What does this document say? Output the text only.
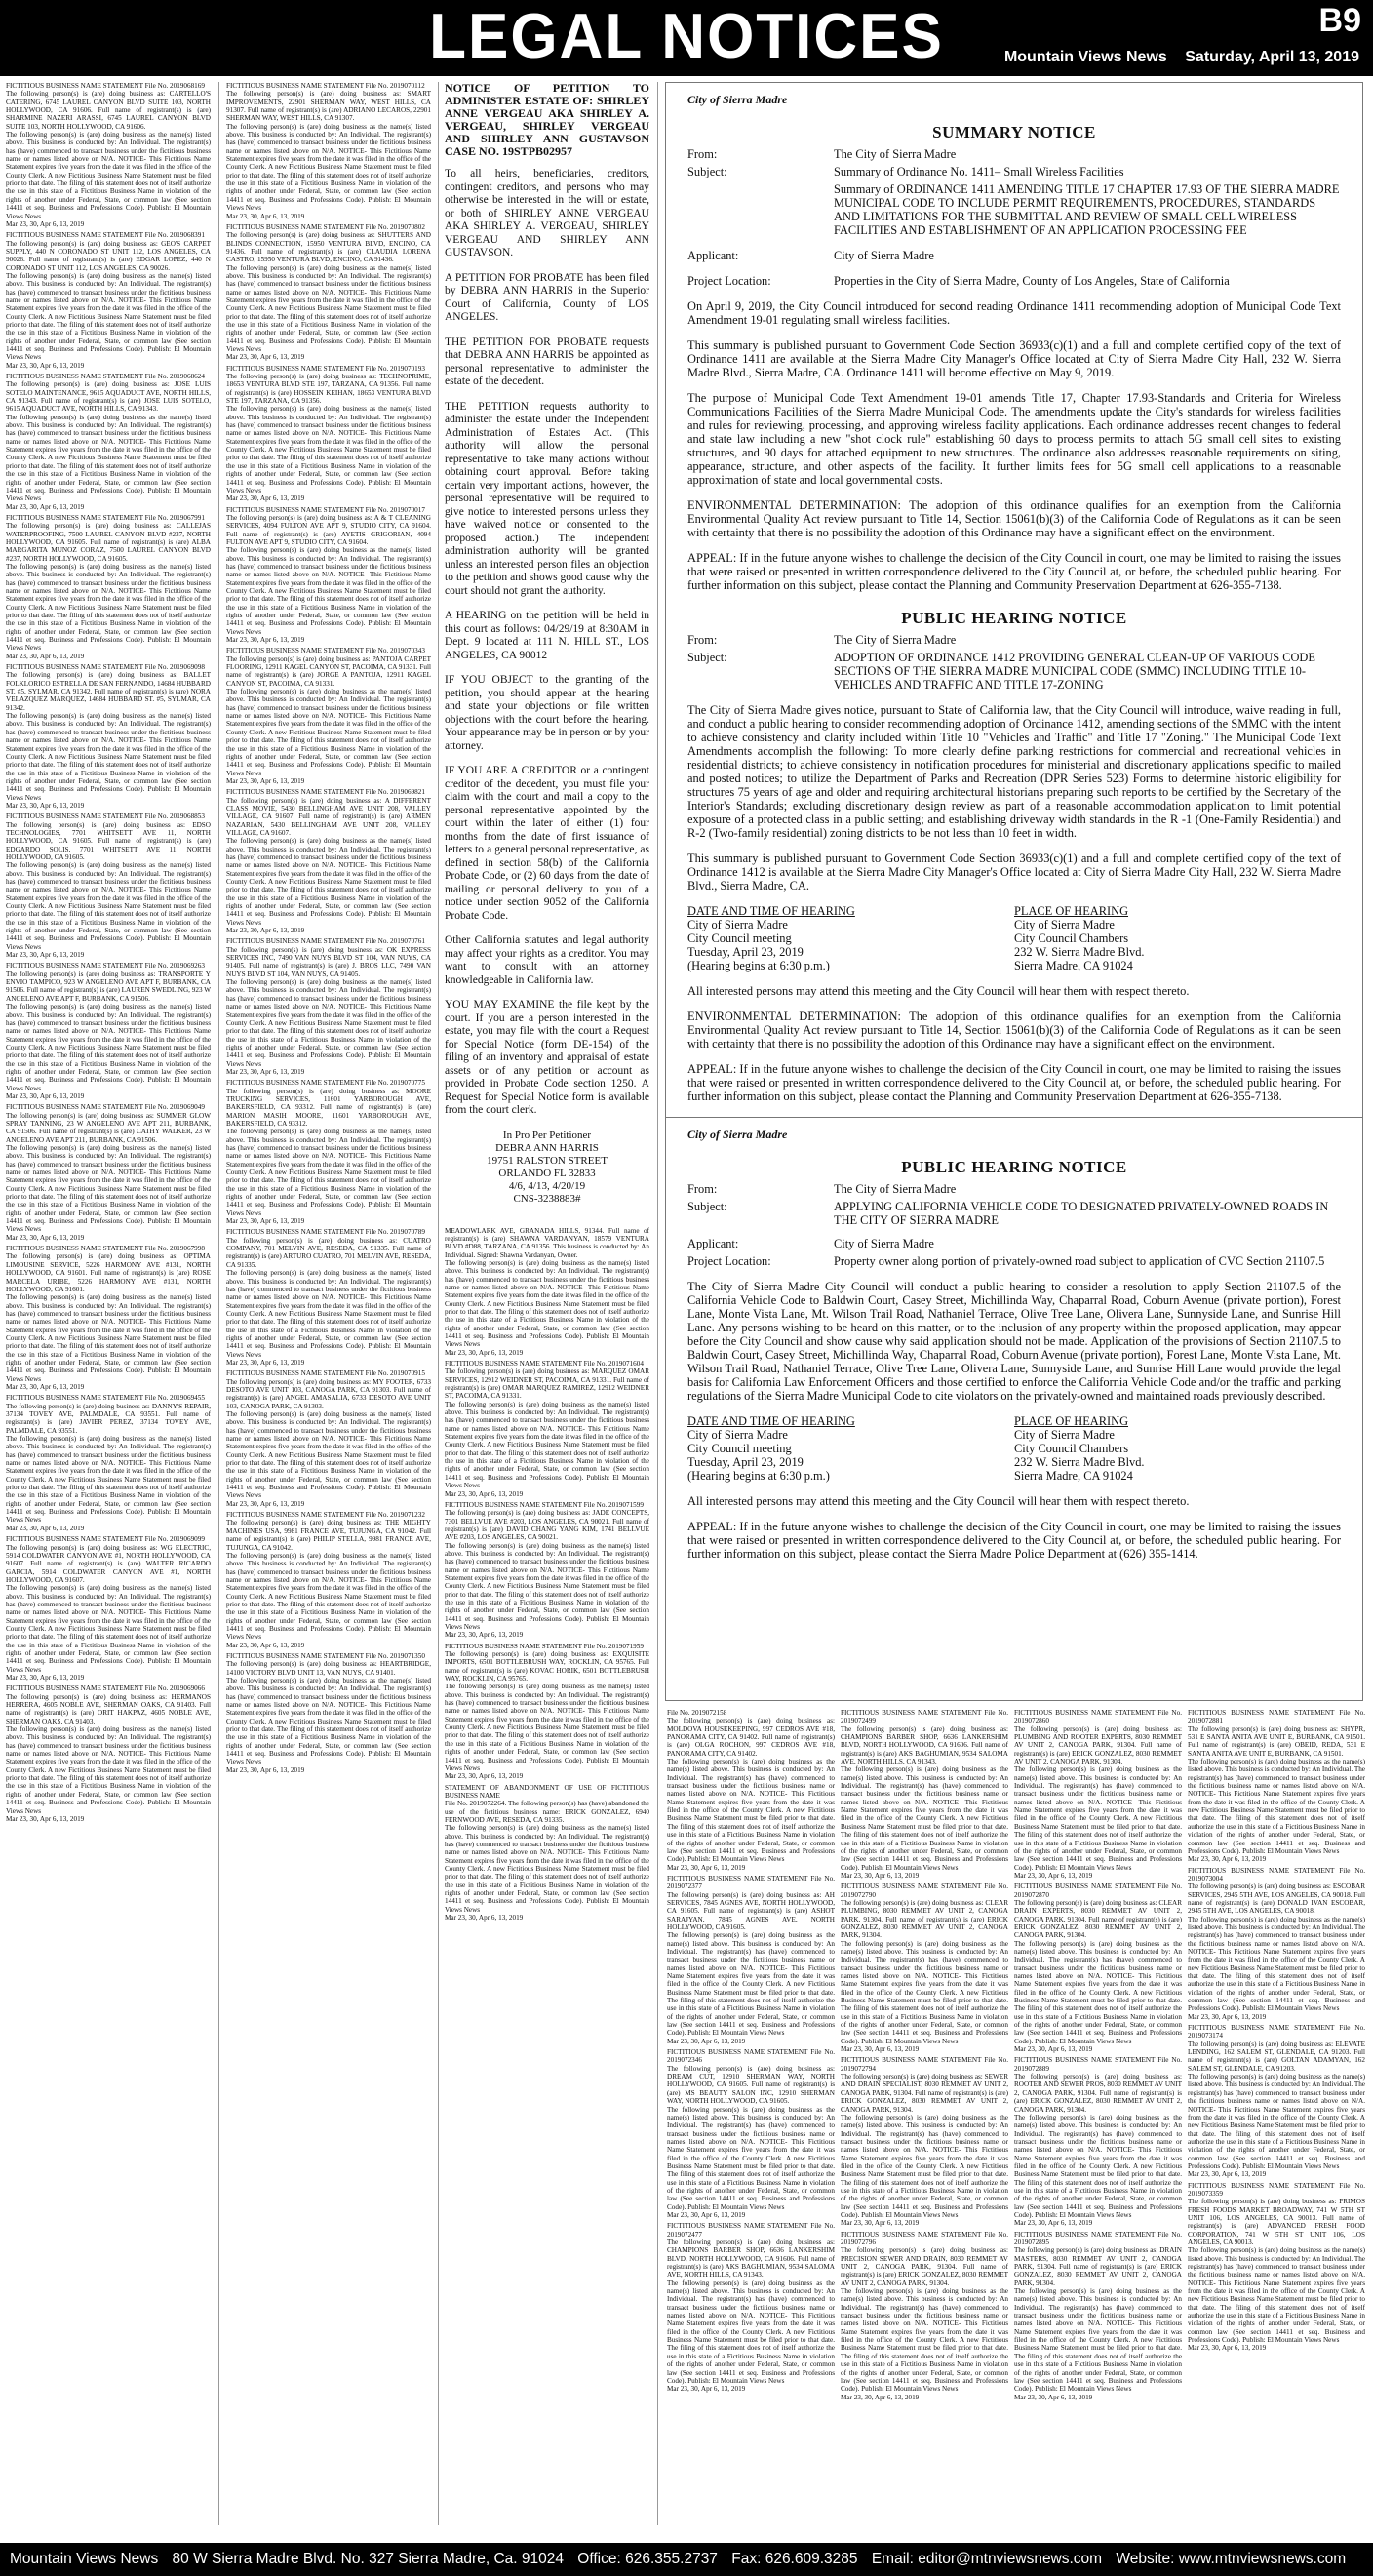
LEGAL NOTICES	B9
Mountain Views News Saturday, April 13, 2019
FICTITIOUS BUSINESS NAME STATEMENT File No. 2019068169
The following person(s) is (are) doing business as: CARTELLO'S CATERING, 6745 LAUREL CANYON BLVD SUITE 103, NORTH HOLLYWOOD, CA 91606. Full name of registrant(s) is (are) SHARMINE NAZERI ARASSI, 6745 LAUREL CANYON BLVD SUITE 103, NORTH HOLLYWOOD, CA 91606.
The following person(s) is (are) doing business as the name(s) listed above. This business is conducted by: An Individual. The registrant(s) has (have) commenced to transact business under the fictitious business name or names listed above on N/A. NOTICE- This Fictitious Name Statement expires five years from the date it was filed in the office of the County Clerk. A new Fictitious Business Name Statement must be filed prior to that date. The filing of this statement does not of itself authorize the use in this state of a Fictitious Business Name in violation of the rights of another under Federal, State, or common law (See section 14411 et seq. Business and Professions Code). Publish: El Mountain Views News
Mar 23, 30, Apr 6, 13, 2019
FICTITIOUS BUSINESS NAME STATEMENT File No. 2019068391
The following person(s) is (are) doing business as: GEO'S CARPET SUPPLY, 440 N CORONADO ST UNIT 112, LOS ANGELES, CA 90026. Full name of registrant(s) is (are) EDGAR LOPEZ, 440 N CORONADO ST UNIT 112, LOS ANGELES, CA 90026.
The following person(s) is (are) doing business as the name(s) listed above. This business is conducted by: An Individual. The registrant(s) has (have) commenced to transact business under the fictitious business name or names listed above on N/A. NOTICE- This Fictitious Name Statement expires five years from the date it was filed in the office of the County Clerk. A new Fictitious Business Name Statement must be filed prior to that date. The filing of this statement does not of itself authorize the use in this state of a Fictitious Business Name in violation of the rights of another under Federal, State, or common law (See section 14411 et seq. Business and Professions Code). Publish: El Mountain Views News
Mar 23, 30, Apr 6, 13, 2019
FICTITIOUS BUSINESS NAME STATEMENT File No. 2019068624
The following person(s) is (are) doing business as: JOSE LUIS SOTELO MAINTENANCE, 9615 AQUADUCT AVE, NORTH HILLS, CA 91343. Full name of registrant(s) is (are) JOSE LUIS SOTELO, 9615 AQUADUCT AVE, NORTH HILLS, CA 91343.
The following person(s) is (are) doing business as the name(s) listed above. This business is conducted by: An Individual. The registrant(s) has (have) commenced to transact business under the fictitious business name or names listed above on N/A. NOTICE- This Fictitious Name Statement expires five years from the date it was filed in the office of the County Clerk. A new Fictitious Business Name Statement must be filed prior to that date. The filing of this statement does not of itself authorize the use in this state of a Fictitious Business Name in violation of the rights of another under Federal, State, or common law (See section 14411 et seq. Business and Professions Code). Publish: El Mountain Views News
Mar 23, 30, Apr 6, 13, 2019
FICTITIOUS BUSINESS NAME STATEMENT File No. 2019067991
The following person(s) is (are) doing business as: CALLEJAS WATERPROOFING, 7500 LAUREL CANYON BLVD #237, NORTH HOLLYWOOD, CA 91605. Full name of registrant(s) is (are) ALBA MARGARITA MUNOZ CORAZ, 7500 LAUREL CANYON BLVD #237, NORTH HOLLYWOOD, CA 91605.
The following person(s) is (are) doing business as the name(s) listed above. This business is conducted by: An Individual. The registrant(s) has (have) commenced to transact business under the fictitious business name or names listed above on N/A. NOTICE- This Fictitious Name Statement expires five years from the date it was filed in the office of the County Clerk. A new Fictitious Business Name Statement must be filed prior to that date. The filing of this statement does not of itself authorize the use in this state of a Fictitious Business Name in violation of the rights of another under Federal, State, or common law (See section 14411 et seq. Business and Professions Code). Publish: El Mountain Views News
Mar 23, 30, Apr 6, 13, 2019
FICTITIOUS BUSINESS NAME STATEMENT File No. 2019069098
The following person(s) is (are) doing business as: BALLET FOLKLORICO ESTRELLA DE SAN FERNANDO, 14684 HUBBARD ST. #5, SYLMAR, CA 91342. Full name of registrant(s) is (are) NORA VELAZQUEZ MARQUEZ, 14684 HUBBARD ST. #5, SYLMAR, CA 91342.
The following person(s) is (are) doing business as the name(s) listed above. This business is conducted by: An Individual. The registrant(s) has (have) commenced to transact business under the fictitious business name or names listed above on N/A. NOTICE- This Fictitious Name Statement expires five years from the date it was filed in the office of the County Clerk. A new Fictitious Business Name Statement must be filed prior to that date. The filing of this statement does not of itself authorize the use in this state of a Fictitious Business Name in violation of the rights of another under Federal, State, or common law (See section 14411 et seq. Business and Professions Code). Publish: El Mountain Views News
Mar 23, 30, Apr 6, 13, 2019
FICTITIOUS BUSINESS NAME STATEMENT File No. 2019068853
The following person(s) is (are) doing business as: EDSO TECHNOLOGIES, 7701 WHITSETT AVE 11, NORTH HOLLYWOOD, CA 91605. Full name of registrant(s) is (are) EDGARDO SOLIS, 7701 WHITSETT AVE 11, NORTH HOLLYWOOD, CA 91605.
The following person(s) is (are) doing business as the name(s) listed above. This business is conducted by: An Individual. The registrant(s) has (have) commenced to transact business under the fictitious business name or names listed above on N/A. NOTICE- This Fictitious Name Statement expires five years from the date it was filed in the office of the County Clerk. A new Fictitious Business Name Statement must be filed prior to that date. The filing of this statement does not of itself authorize the use in this state of a Fictitious Business Name in violation of the rights of another under Federal, State, or common law (See section 14411 et seq. Business and Professions Code). Publish: El Mountain Views News
Mar 23, 30, Apr 6, 13, 2019
FICTITIOUS BUSINESS NAME STATEMENT File No. 2019069263
The following person(s) is (are) doing business as: TRANSPORTE Y ENVIO TAMPICO, 923 W ANGELENO AVE APT F, BURBANK, CA 91506. Full name of registrant(s) is (are) LAUREN SWEDLING, 923 W ANGELENO AVE APT F, BURBANK, CA 91506.
The following person(s) is (are) doing business as the name(s) listed above. This business is conducted by: An Individual. The registrant(s) has (have) commenced to transact business under the fictitious business name or names listed above on N/A. NOTICE- This Fictitious Name Statement expires five years from the date it was filed in the office of the County Clerk. A new Fictitious Business Name Statement must be filed prior to that date. The filing of this statement does not of itself authorize the use in this state of a Fictitious Business Name in violation of the rights of another under Federal, State, or common law (See section 14411 et seq. Business and Professions Code). Publish: El Mountain Views News
Mar 23, 30, Apr 6, 13, 2019
FICTITIOUS BUSINESS NAME STATEMENT File No. 2019069049
The following person(s) is (are) doing business as: SUMMER GLOW SPRAY TANNING, 23 W ANGELENO AVE APT 211, BURBANK, CA 91506. Full name of registrant(s) is (are) CATHY WALKER, 23 W ANGELENO AVE APT 211, BURBANK, CA 91506.
The following person(s) is (are) doing business as the name(s) listed above. This business is conducted by: An Individual. The registrant(s) has (have) commenced to transact business under the fictitious business name or names listed above on N/A. NOTICE- This Fictitious Name Statement expires five years from the date it was filed in the office of the County Clerk. A new Fictitious Business Name Statement must be filed prior to that date. The filing of this statement does not of itself authorize the use in this state of a Fictitious Business Name in violation of the rights of another under Federal, State, or common law (See section 14411 et seq. Business and Professions Code). Publish: El Mountain Views News
Mar 23, 30, Apr 6, 13, 2019
FICTITIOUS BUSINESS NAME STATEMENT File No. 2019067998
The following person(s) is (are) doing business as: OPTIMA LIMOUSINE SERVICE, 5226 HARMONY AVE #131, NORTH HOLLYWOOD, CA 91601. Full name of registrant(s) is (are) ROSE MARCELA URIBE, 5226 HARMONY AVE #131, NORTH HOLLYWOOD, CA 91601.
The following person(s) is (are) doing business as the name(s) listed above. This business is conducted by: An Individual. The registrant(s) has (have) commenced to transact business under the fictitious business name or names listed above on N/A. NOTICE- This Fictitious Name Statement expires five years from the date it was filed in the office of the County Clerk. A new Fictitious Business Name Statement must be filed prior to that date. The filing of this statement does not of itself authorize the use in this state of a Fictitious Business Name in violation of the rights of another under Federal, State, or common law (See section 14411 et seq. Business and Professions Code). Publish: El Mountain Views News
Mar 23, 30, Apr 6, 13, 2019
FICTITIOUS BUSINESS NAME STATEMENT File No. 2019069455
The following person(s) is (are) doing business as: DANNY'S REPAIR, 37134 TOVEY AVE, PALMDALE, CA 93551. Full name of registrant(s) is (are) JAVIER PEREZ, 37134 TOVEY AVE, PALMDALE, CA 93551.
The following person(s) is (are) doing business as the name(s) listed above. This business is conducted by: An Individual. The registrant(s) has (have) commenced to transact business under the fictitious business name or names listed above on N/A. NOTICE- This Fictitious Name Statement expires five years from the date it was filed in the office of the County Clerk. A new Fictitious Business Name Statement must be filed prior to that date. The filing of this statement does not of itself authorize the use in this state of a Fictitious Business Name in violation of the rights of another under Federal, State, or common law (See section 14411 et seq. Business and Professions Code). Publish: El Mountain Views News
Mar 23, 30, Apr 6, 13, 2019
FICTITIOUS BUSINESS NAME STATEMENT File No. 2019069099
The following person(s) is (are) doing business as: WG ELECTRIC, 5914 COLDWATER CANYON AVE #1, NORTH HOLLYWOOD, CA 91607. Full name of registrant(s) is (are) WALTER RICARDO GARCIA, 5914 COLDWATER CANYON AVE #1, NORTH HOLLYWOOD, CA 91607.
The following person(s) is (are) doing business as the name(s) listed above. This business is conducted by: An Individual. The registrant(s) has (have) commenced to transact business under the fictitious business name or names listed above on N/A. NOTICE- This Fictitious Name Statement expires five years from the date it was filed in the office of the County Clerk. A new Fictitious Business Name Statement must be filed prior to that date. The filing of this statement does not of itself authorize the use in this state of a Fictitious Business Name in violation of the rights of another under Federal, State, or common law (See section 14411 et seq. Business and Professions Code). Publish: El Mountain Views News
Mar 23, 30, Apr 6, 13, 2019
FICTITIOUS BUSINESS NAME STATEMENT File No. 2019069066
The following person(s) is (are) doing business as: HERMANOS HERRERA, 4605 NOBLE AVE, SHERMAN OAKS, CA 91403. Full name of registrant(s) is (are) ORIT HAKPAZ, 4605 NOBLE AVE, SHERMAN OAKS, CA 91403.
The following person(s) is (are) doing business as the name(s) listed above. This business is conducted by: An Individual. The registrant(s) has (have) commenced to transact business under the fictitious business name or names listed above on N/A. NOTICE- This Fictitious Name Statement expires five years from the date it was filed in the office of the County Clerk. A new Fictitious Business Name Statement must be filed prior to that date. The filing of this statement does not of itself authorize the use in this state of a Fictitious Business Name in violation of the rights of another under Federal, State, or common law (See section 14411 et seq. Business and Professions Code). Publish: El Mountain Views News
Mar 23, 30, Apr 6, 13, 2019
FICTITIOUS BUSINESS NAME STATEMENT File No. 2019070112
The following person(s) is (are) doing business as: SMART IMPROVEMENTS, 22901 SHERMAN WAY, WEST HILLS, CA 91307. Full name of registrant(s) is (are) ADRIANO LECAROS, 22901 SHERMAN WAY, WEST HILLS, CA 91307.
The following person(s) is (are) doing business as the name(s) listed above. This business is conducted by: An Individual. The registrant(s) has (have) commenced to transact business under the fictitious business name or names listed above on N/A. NOTICE- This Fictitious Name Statement expires five years from the date it was filed in the office of the County Clerk. A new Fictitious Business Name Statement must be filed prior to that date. The filing of this statement does not of itself authorize the use in this state of a Fictitious Business Name in violation of the rights of another under Federal, State, or common law (See section 14411 et seq. Business and Professions Code). Publish: El Mountain Views News
Mar 23, 30, Apr 6, 13, 2019
FICTITIOUS BUSINESS NAME STATEMENT File No. 2019070802
The following person(s) is (are) doing business as: SHUTTERS AND BLINDS CONNECTION, 15950 VENTURA BLVD, ENCINO, CA 91436. Full name of registrant(s) is (are) CLAUDIA LORENA CASTRO, 15950 VENTURA BLVD, ENCINO, CA 91436.
The following person(s) is (are) doing business as the name(s) listed above. This business is conducted by: An Individual. The registrant(s) has (have) commenced to transact business under the fictitious business name or names listed above on N/A. NOTICE- This Fictitious Name Statement expires five years from the date it was filed in the office of the County Clerk. A new Fictitious Business Name Statement must be filed prior to that date. The filing of this statement does not of itself authorize the use in this state of a Fictitious Business Name in violation of the rights of another under Federal, State, or common law (See section 14411 et seq. Business and Professions Code). Publish: El Mountain Views News
Mar 23, 30, Apr 6, 13, 2019
FICTITIOUS BUSINESS NAME STATEMENT File No. 2019070193
The following person(s) is (are) doing business as: TECHNOPRIME, 18653 VENTURA BLVD STE 197, TARZANA, CA 91356. Full name of registrant(s) is (are) HOSSEIN KEIHAN, 18653 VENTURA BLVD STE 197, TARZANA, CA 91356.
The following person(s) is (are) doing business as the name(s) listed above. This business is conducted by: An Individual. The registrant(s) has (have) commenced to transact business under the fictitious business name or names listed above on N/A. NOTICE- This Fictitious Name Statement expires five years from the date it was filed in the office of the County Clerk. A new Fictitious Business Name Statement must be filed prior to that date. The filing of this statement does not of itself authorize the use in this state of a Fictitious Business Name in violation of the rights of another under Federal, State, or common law (See section 14411 et seq. Business and Professions Code). Publish: El Mountain Views News
Mar 23, 30, Apr 6, 13, 2019
FICTITIOUS BUSINESS NAME STATEMENT File No. 2019070017
The following person(s) is (are) doing business as: A & T CLEANING SERVICES, 4094 FULTON AVE APT 9, STUDIO CITY, CA 91604. Full name of registrant(s) is (are) AYETIS GRIGORIAN, 4094 FULTON AVE APT 9, STUDIO CITY, CA 91604.
The following person(s) is (are) doing business as the name(s) listed above. This business is conducted by: An Individual. The registrant(s) has (have) commenced to transact business under the fictitious business name or names listed above on N/A. NOTICE- This Fictitious Name Statement expires five years from the date it was filed in the office of the County Clerk. A new Fictitious Business Name Statement must be filed prior to that date. The filing of this statement does not of itself authorize the use in this state of a Fictitious Business Name in violation of the rights of another under Federal, State, or common law (See section 14411 et seq. Business and Professions Code). Publish: El Mountain Views News
Mar 23, 30, Apr 6, 13, 2019
FICTITIOUS BUSINESS NAME STATEMENT File No. 2019070343
The following person(s) is (are) doing business as: PANTOJA CARPET FLOORING, 12911 KAGEL CANYON ST, PACOIMA, CA 91331. Full name of registrant(s) is (are) JORGE A PANTOJA, 12911 KAGEL CANYON ST, PACOIMA, CA 91331.
The following person(s) is (are) doing business as the name(s) listed above. This business is conducted by: An Individual. The registrant(s) has (have) commenced to transact business under the fictitious business name or names listed above on N/A. NOTICE- This Fictitious Name Statement expires five years from the date it was filed in the office of the County Clerk. A new Fictitious Business Name Statement must be filed prior to that date. The filing of this statement does not of itself authorize the use in this state of a Fictitious Business Name in violation of the rights of another under Federal, State, or common law (See section 14411 et seq. Business and Professions Code). Publish: El Mountain Views News
Mar 23, 30, Apr 6, 13, 2019
FICTITIOUS BUSINESS NAME STATEMENT File No. 2019069821
The following person(s) is (are) doing business as: A DIFFERENT CLASS MOVIE, 5430 BELLINGHAM AVE UNIT 208, VALLEY VILLAGE, CA 91607. Full name of registrant(s) is (are) ARMEN NAZARIAN, 5430 BELLINGHAM AVE UNIT 208, VALLEY VILLAGE, CA 91607.
The following person(s) is (are) doing business as the name(s) listed above. This business is conducted by: An Individual. The registrant(s) has (have) commenced to transact business under the fictitious business name or names listed above on N/A. NOTICE- This Fictitious Name Statement expires five years from the date it was filed in the office of the County Clerk. A new Fictitious Business Name Statement must be filed prior to that date. The filing of this statement does not of itself authorize the use in this state of a Fictitious Business Name in violation of the rights of another under Federal, State, or common law (See section 14411 et seq. Business and Professions Code). Publish: El Mountain Views News
Mar 23, 30, Apr 6, 13, 2019
FICTITIOUS BUSINESS NAME STATEMENT File No. 2019070761
The following person(s) is (are) doing business as: OK EXPRESS SERVICES INC, 7490 VAN NUYS BLVD ST 104, VAN NUYS, CA 91405. Full name of registrant(s) is (are) J. BROS LLC, 7490 VAN NUYS BLVD ST 104, VAN NUYS, CA 91405.
The following person(s) is (are) doing business as the name(s) listed above. This business is conducted by: An Individual. The registrant(s) has (have) commenced to transact business under the fictitious business name or names listed above on N/A. NOTICE- This Fictitious Name Statement expires five years from the date it was filed in the office of the County Clerk. A new Fictitious Business Name Statement must be filed prior to that date. The filing of this statement does not of itself authorize the use in this state of a Fictitious Business Name in violation of the rights of another under Federal, State, or common law (See section 14411 et seq. Business and Professions Code). Publish: El Mountain Views News
Mar 23, 30, Apr 6, 13, 2019
FICTITIOUS BUSINESS NAME STATEMENT File No. 2019070775
The following person(s) is (are) doing business as: MOORE TRUCKING SERVICES, 11601 YARBOROUGH AVE, BAKERSFIELD, CA 93312. Full name of registrant(s) is (are) MARION MASIH MOORE, 11601 YARBOROUGH AVE, BAKERSFIELD, CA 93312.
The following person(s) is (are) doing business as the name(s) listed above. This business is conducted by: An Individual. The registrant(s) has (have) commenced to transact business under the fictitious business name or names listed above on N/A. NOTICE- This Fictitious Name Statement expires five years from the date it was filed in the office of the County Clerk. A new Fictitious Business Name Statement must be filed prior to that date. The filing of this statement does not of itself authorize the use in this state of a Fictitious Business Name in violation of the rights of another under Federal, State, or common law (See section 14411 et seq. Business and Professions Code). Publish: El Mountain Views News
Mar 23, 30, Apr 6, 13, 2019
FICTITIOUS BUSINESS NAME STATEMENT File No. 2019070789
The following person(s) is (are) doing business as: CUATRO COMPANY, 701 MELVIN AVE, RESEDA, CA 91335. Full name of registrant(s) is (are) ARTURO CUATRO, 701 MELVIN AVE, RESEDA, CA 91335.
The following person(s) is (are) doing business as the name(s) listed above. This business is conducted by: An Individual. The registrant(s) has (have) commenced to transact business under the fictitious business name or names listed above on N/A. NOTICE- This Fictitious Name Statement expires five years from the date it was filed in the office of the County Clerk. A new Fictitious Business Name Statement must be filed prior to that date. The filing of this statement does not of itself authorize the use in this state of a Fictitious Business Name in violation of the rights of another under Federal, State, or common law (See section 14411 et seq. Business and Professions Code). Publish: El Mountain Views News
Mar 23, 30, Apr 6, 13, 2019
FICTITIOUS BUSINESS NAME STATEMENT File No. 2019070915
The following person(s) is (are) doing business as: MY FOOTER, 6733 DESOTO AVE UNIT 103, CANOGA PARK, CA 91303. Full name of registrant(s) is (are) ANGEL AMASALIA, 6733 DESOTO AVE UNIT 103, CANOGA PARK, CA 91303.
The following person(s) is (are) doing business as the name(s) listed above. This business is conducted by: An Individual. The registrant(s) has (have) commenced to transact business under the fictitious business name or names listed above on N/A. NOTICE- This Fictitious Name Statement expires five years from the date it was filed in the office of the County Clerk. A new Fictitious Business Name Statement must be filed prior to that date. The filing of this statement does not of itself authorize the use in this state of a Fictitious Business Name in violation of the rights of another under Federal, State, or common law (See section 14411 et seq. Business and Professions Code). Publish: El Mountain Views News
Mar 23, 30, Apr 6, 13, 2019
FICTITIOUS BUSINESS NAME STATEMENT File No. 2019071232
The following person(s) is (are) doing business as: THE MIGHTY MACHINES USA, 9981 FRANCE AVE, TUJUNGA, CA 91042. Full name of registrant(s) is (are) PHILIP STELLA, 9981 FRANCE AVE, TUJUNGA, CA 91042.
The following person(s) is (are) doing business as the name(s) listed above. This business is conducted by: An Individual. The registrant(s) has (have) commenced to transact business under the fictitious business name or names listed above on N/A. NOTICE- This Fictitious Name Statement expires five years from the date it was filed in the office of the County Clerk. A new Fictitious Business Name Statement must be filed prior to that date. The filing of this statement does not of itself authorize the use in this state of a Fictitious Business Name in violation of the rights of another under Federal, State, or common law (See section 14411 et seq. Business and Professions Code). Publish: El Mountain Views News
Mar 23, 30, Apr 6, 13, 2019
FICTITIOUS BUSINESS NAME STATEMENT File No. 2019071350
The following person(s) is (are) doing business as: HEARTBRIDGE, 14100 VICTORY BLVD UNIT 13, VAN NUYS, CA 91401.
The following person(s) is (are) doing business as the name(s) listed above. This business is conducted by: An Individual. The registrant(s) has (have) commenced to transact business under the fictitious business name or names listed above on N/A. NOTICE- This Fictitious Name Statement expires five years from the date it was filed in the office of the County Clerk. A new Fictitious Business Name Statement must be filed prior to that date. The filing of this statement does not of itself authorize the use in this state of a Fictitious Business Name in violation of the rights of another under Federal, State, or common law (See section 14411 et seq. Business and Professions Code). Publish: El Mountain Views News
Mar 23, 30, Apr 6, 13, 2019
NOTICE OF PETITION TO ADMINISTER ESTATE OF: SHIRLEY ANNE VERGEAU AKA SHIRLEY A. VERGEAU, SHIRLEY VERGEAU AND SHIRLEY ANN GUSTAVSON CASE NO. 19STPB02957

To all heirs, beneficiaries, creditors, contingent creditors, and persons who may otherwise be interested in the will or estate, or both of SHIRLEY ANNE VERGEAU AKA SHIRLEY A. VERGEAU, SHIRLEY VERGEAU AND SHIRLEY ANN GUSTAVSON.

A PETITION FOR PROBATE has been filed by DEBRA ANN HARRIS in the Superior Court of California, County of LOS ANGELES.

THE PETITION FOR PROBATE requests that DEBRA ANN HARRIS be appointed as personal representative to administer the estate of the decedent.

THE PETITION requests authority to administer the estate under the Independent Administration of Estates Act. (This authority will allow the personal representative to take many actions without obtaining court approval. Before taking certain very important actions, however, the personal representative will be required to give notice to interested persons unless they have waived notice or consented to the proposed action.) The independent administration authority will be granted unless an interested person files an objection to the petition and shows good cause why the court should not grant the authority.

A HEARING on the petition will be held in this court as follows: 04/29/19 at 8:30AM in Dept. 9 located at 111 N. HILL ST., LOS ANGELES, CA 90012

IF YOU OBJECT to the granting of the petition, you should appear at the hearing and state your objections or file written objections with the court before the hearing. Your appearance may be in person or by your attorney.

IF YOU ARE A CREDITOR or a contingent creditor of the decedent, you must file your claim with the court and mail a copy to the personal representative appointed by the court within the later of either (1) four months from the date of first issuance of letters to a general personal representative, as defined in section 58(b) of the California Probate Code, or (2) 60 days from the date of mailing or personal delivery to you of a notice under section 9052 of the California Probate Code.

Other California statutes and legal authority may affect your rights as a creditor. You may want to consult with an attorney knowledgeable in California law.

YOU MAY EXAMINE the file kept by the court. If you are a person interested in the estate, you may file with the court a Request for Special Notice (form DE-154) of the filing of an inventory and appraisal of estate assets or of any petition or account as provided in Probate Code section 1250. A Request for Special Notice form is available from the court clerk.

In Pro Per Petitioner
DEBRA ANN HARRIS
19751 RALSTON STREET
ORLANDO FL 32833
4/6, 4/13, 4/20/19
CNS-3238883#
MEADOWLARK AVE, GRANADA HILLS, 91344. Full name of registrant(s) is (are) SHAWNA VARDANYAN, 18579 VENTURA BLVD #D88, TARZANA, CA 91356. This business is conducted by: An Individual. Signed: Shawna Vardanyan, Owner.
The following person(s) is (are) doing business as the name(s) listed above. This business is conducted by: An Individual. The registrant(s) has (have) commenced to transact business under the fictitious business name or names listed above on N/A. NOTICE- This Fictitious Name Statement expires five years from the date it was filed in the office of the County Clerk. A new Fictitious Business Name Statement must be filed prior to that date. The filing of this statement does not of itself authorize the use in this state of a Fictitious Business Name in violation of the rights of another under Federal, State, or common law (See section 14411 et seq. Business and Professions Code). Publish: El Mountain Views News
Mar 23, 30, Apr 6, 13, 2019
FICTITIOUS BUSINESS NAME STATEMENT File No. 2019071604
The following person(s) is (are) doing business as: MARQUEZ OMAR SERVICES, 12912 WEIDNER ST, PACOIMA, CA 91331. Full name of registrant(s) is (are) OMAR MARQUEZ RAMIREZ, 12912 WEIDNER ST, PACOIMA, CA 91331.
The following person(s) is (are) doing business as the name(s) listed above. This business is conducted by: An Individual. The registrant(s) has (have) commenced to transact business under the fictitious business name or names listed above on N/A. NOTICE- This Fictitious Name Statement expires five years from the date it was filed in the office of the County Clerk. A new Fictitious Business Name Statement must be filed prior to that date. The filing of this statement does not of itself authorize the use in this state of a Fictitious Business Name in violation of the rights of another under Federal, State, or common law (See section 14411 et seq. Business and Professions Code). Publish: El Mountain Views News
Mar 23, 30, Apr 6, 13, 2019
FICTITIOUS BUSINESS NAME STATEMENT File No. 2019071599
The following person(s) is (are) doing business as: JADE CONCEPTS, 7301 BELLVUE AVE #203, LOS ANGELES, CA 90021. Full name of registrant(s) is (are) DAVID CHANG YANG KIM, 1741 BELLVUE AVE #203, LOS ANGELES, CA 90021.
The following person(s) is (are) doing business as the name(s) listed above. This business is conducted by: An Individual. The registrant(s) has (have) commenced to transact business under the fictitious business name or names listed above on N/A. NOTICE- This Fictitious Name Statement expires five years from the date it was filed in the office of the County Clerk. A new Fictitious Business Name Statement must be filed prior to that date. The filing of this statement does not of itself authorize the use in this state of a Fictitious Business Name in violation of the rights of another under Federal, State, or common law (See section 14411 et seq. Business and Professions Code). Publish: El Mountain Views News
Mar 23, 30, Apr 6, 13, 2019
FICTITIOUS BUSINESS NAME STATEMENT File No. 2019071959
The following person(s) is (are) doing business as: EXQUISITE IMPORTS, 6501 BOTTLEBRUSH WAY, ROCKLIN, CA 95765. Full name of registrant(s) is (are) KOVAC HORIK, 6501 BOTTLEBRUSH WAY, ROCKLIN, CA 95765.
The following person(s) is (are) doing business as the name(s) listed above. This business is conducted by: An Individual. The registrant(s) has (have) commenced to transact business under the fictitious business name or names listed above on N/A. NOTICE- This Fictitious Name Statement expires five years from the date it was filed in the office of the County Clerk. A new Fictitious Business Name Statement must be filed prior to that date. The filing of this statement does not of itself authorize the use in this state of a Fictitious Business Name in violation of the rights of another under Federal, State, or common law (See section 14411 et seq. Business and Professions Code). Publish: El Mountain Views News
Mar 23, 30, Apr 6, 13, 2019
STATEMENT OF ABANDONMENT OF USE OF FICTITIOUS BUSINESS NAME
File No. 2019072264. The following person(s) has (have) abandoned the use of the fictitious business name: ERICK GONZALEZ, 6940 FERNWOOD AVE, RESEDA, CA 91335.
The following person(s) is (are) doing business as the name(s) listed above. This business is conducted by: An Individual. The registrant(s) has (have) commenced to transact business under the fictitious business name or names listed above on N/A. NOTICE- This Fictitious Name Statement expires five years from the date it was filed in the office of the County Clerk. A new Fictitious Business Name Statement must be filed prior to that date. The filing of this statement does not of itself authorize the use in this state of a Fictitious Business Name in violation of the rights of another under Federal, State, or common law (See section 14411 et seq. Business and Professions Code). Publish: El Mountain Views News
Mar 23, 30, Apr 6, 13, 2019
City of Sierra Madre
SUMMARY NOTICE
From:	The City of Sierra Madre
Subject:	Summary of Ordinance No. 1411– Small Wireless Facilities
Summary of ORDINANCE 1411 AMENDING TITLE 17 CHAPTER 17.93 OF THE SIERRA MADRE MUNICIPAL CODE TO INCLUDE PERMIT REQUIREMENTS, PROCEDURES, STANDARDS AND LIMITATIONS FOR THE SUBMITTAL AND REVIEW OF SMALL CELL WIRELESS FACILITIES AND ESTABLISHMENT OF AN APPLICATION PROCESSING FEE
Applicant:	City of Sierra Madre
Project Location:	Properties in the City of Sierra Madre, County of Los Angeles, State of California

On April 9, 2019, the City Council introduced for second reading Ordinance 1411 recommending adoption of Municipal Code Text Amendment 19-01 regulating small wireless facilities.

This summary is published pursuant to Government Code Section 36933(c)(1) and a full and complete certified copy of the text of Ordinance 1411 are available at the Sierra Madre City Manager's Office located at City of Sierra Madre City Hall, 232 W. Sierra Madre Blvd., Sierra Madre, CA. Ordinance 1411 will become effective on May 9, 2019.

The purpose of Municipal Code Text Amendment 19-01 amends Title 17, Chapter 17.93-Standards and Criteria for Wireless Communications Facilities of the Sierra Madre Municipal Code. The amendments update the City's standards for wireless facilities and rules for reviewing, processing, and approving wireless facility applications. Each ordinance addresses recent changes to federal and state law including a new "shot clock rule" establishing 60 days to process permits to attach 5G small cell sites to existing structures, and 90 days for attached equipment to new structures. The ordinance also addresses reasonable requirements on siting, appearance, structure, and other aspects of the facility. It further limits fees for 5G small cell applications to a reasonable approximation of state and local governmental costs.

ENVIRONMENTAL DETERMINATION: The adoption of this ordinance qualifies for an exemption from the California Environmental Quality Act review pursuant to Title 14, Section 15061(b)(3) of the California Code of Regulations as it can be seen with certainty that there is no possibility the adoption of this Ordinance may have a significant effect on the environment.

APPEAL: If in the future anyone wishes to challenge the decision of the City Council in court, one may be limited to raising the issues that were raised or presented in written correspondence delivered to the City Council at, or before, the scheduled public hearing. For further information on this subject, please contact the Planning and Community Preservation Department at 626-355-7138.

PUBLIC HEARING NOTICE
From:	The City of Sierra Madre
Subject:	ADOPTION OF ORDINANCE 1412 PROVIDING GENERAL CLEAN-UP OF VARIOUS CODE SECTIONS OF THE SIERRA MADRE MUNICIPAL CODE (SMMC) INCLUDING TITLE 10-VEHICLES AND TRAFFIC AND TITLE 17-ZONING

The City of Sierra Madre gives notice, pursuant to State of California law, that the City Council will introduce, waive reading in full, and conduct a public hearing to consider recommending adoption of Ordinance 1412, amending sections of the SMMC with the intent to achieve consistency and clarity included within Title 10 "Vehicles and Traffic" and Title 17 "Zoning." The Municipal Code Text Amendments accomplish the following: To more clearly define parking restrictions for commercial and recreational vehicles in residential districts; to achieve consistency in notification procedures for ministerial and discretionary applications specific to mailed and posted notices; to utilize the Department of Parks and Recreation (DPR Series 523) Forms to determine historic eligibility for structures 75 years of age and older and requiring architectural historians preparing such reports to be certified by the Secretary of the Interior's Standards; excluding discretionary design review as part of a reasonable accommodation application to limit potential exposure of a protected class in a public setting; and establishing driveway width standards in the R -1 (One-Family Residential) and R-2 (Two-family residential) zoning districts to be not less than 10 feet in width.

This summary is published pursuant to Government Code Section 36933(c)(1) and a full and complete certified copy of the text of Ordinance 1412 is available at the Sierra Madre City Manager's Office located at City of Sierra Madre City Hall, 232 W. Sierra Madre Blvd., Sierra Madre, CA.

DATE AND TIME OF HEARING
City of Sierra Madre
City Council meeting
Tuesday, April 23, 2019
(Hearing begins at 6:30 p.m.)
PLACE OF HEARING
City of Sierra Madre
City Council Chambers
232 W. Sierra Madre Blvd.
Sierra Madre, CA 91024

All interested persons may attend this meeting and the City Council will hear them with respect thereto.

ENVIRONMENTAL DETERMINATION: The adoption of this ordinance qualifies for an exemption from the California Environmental Quality Act review pursuant to Title 14, Section 15061(b)(3) of the California Code of Regulations as it can be seen with certainty that there is no possibility the adoption of this Ordinance may have a significant effect on the environment.

APPEAL: If in the future anyone wishes to challenge the decision of the City Council in court, one may be limited to raising the issues that were raised or presented in written correspondence delivered to the City Council at, or before, the scheduled public hearing. For further information on this subject, please contact the Planning and Community Preservation Department at 626-355-7138.

City of Sierra Madre
PUBLIC HEARING NOTICE
From:	The City of Sierra Madre
Subject:	APPLYING CALIFORNIA VEHICLE CODE TO DESIGNATED PRIVATELY-OWNED ROADS IN THE CITY OF SIERRA MADRE
Applicant:	City of Sierra Madre
Project Location:	Property owner along portion of privately-owned road subject to application of CVC Section 21107.5

The City of Sierra Madre City Council will conduct a public hearing to consider a resolution to apply Section 21107.5 of the California Vehicle Code to Baldwin Court, Casey Street, Michillinda Way, Chaparral Road, Coburn Avenue (private portion), Forest Lane, Monte Vista Lane, Mt. Wilson Trail Road, Nathaniel Terrace, Olive Tree Lane, Olivera Lane, Sunnyside Lane, and Sunrise Hill Lane. Any persons wishing to be heard on this matter, or to the inclusion of any property within the proposed application, may appear before the City Council and show cause why said application should not be made. Application of the provisions of Section 21107.5 to Baldwin Court, Casey Street, Michillinda Way, Chaparral Road, Coburn Avenue (private portion), Forest Lane, Monte Vista Lane, Mt. Wilson Trail Road, Nathaniel Terrace, Olive Tree Lane, Olivera Lane, Sunnyside Lane, and Sunrise Hill Lane would provide the legal basis for California Law Enforcement Officers and those certified to enforce the California Vehicle Code and/or the traffic and parking regulations of the Sierra Madre Municipal Code to cite violators on the privately-owned and maintained roads previously described.

DATE AND TIME OF HEARING
City of Sierra Madre
City Council meeting
Tuesday, April 23, 2019
(Hearing begins at 6:30 p.m.)
PLACE OF HEARING
City of Sierra Madre
City Council Chambers
232 W. Sierra Madre Blvd.
Sierra Madre, CA 91024

All interested persons may attend this meeting and the City Council will hear them with respect thereto.

APPEAL: If in the future anyone wishes to challenge the decision of the City Council in court, one may be limited to raising the issues that were raised or presented in written correspondence delivered to the City Council at, or before, the scheduled public hearing. For further information on this subject, please contact the Sierra Madre Police Department at (626) 355-1414.

File No. 2019072158
The following person(s) is (are) doing business as: MOLDOVA HOUSEKEEPING, 997 CEDROS AVE #18, PANORAMA CITY, CA 91402. Full name of registrant(s) is (are) OLGA ROCHON, 997 CEDROS AVE #18, PANORAMA CITY, CA 91402.
The following person(s) is (are) doing business as the name(s) listed above. This business is conducted by: An Individual. The registrant(s) has (have) commenced to transact business under the fictitious business name or names listed above on N/A. NOTICE- This Fictitious Name Statement expires five years from the date it was filed in the office of the County Clerk. A new Fictitious Business Name Statement must be filed prior to that date. The filing of this statement does not of itself authorize the use in this state of a Fictitious Business Name in violation of the rights of another under Federal, State, or common law (See section 14411 et seq. Business and Professions Code). Publish: El Mountain Views News
Mar 23, 30, Apr 6, 13, 2019
FICTITIOUS BUSINESS NAME STATEMENT File No. 2019072377
The following person(s) is (are) doing business as: AH SERVICES, 7845 AGNES AVE, NORTH HOLLYWOOD, CA 91605. Full name of registrant(s) is (are) ASHOT SARAJYAN, 7845 AGNES AVE, NORTH HOLLYWOOD, CA 91605.
The following person(s) is (are) doing business as the name(s) listed above. This business is conducted by: An Individual. The registrant(s) has (have) commenced to transact business under the fictitious business name or names listed above on N/A. NOTICE- This Fictitious Name Statement expires five years from the date it was filed in the office of the County Clerk. A new Fictitious Business Name Statement must be filed prior to that date. The filing of this statement does not of itself authorize the use in this state of a Fictitious Business Name in violation of the rights of another under Federal, State, or common law (See section 14411 et seq. Business and Professions Code). Publish: El Mountain Views News
Mar 23, 30, Apr 6, 13, 2019
FICTITIOUS BUSINESS NAME STATEMENT File No. 2019072346
The following person(s) is (are) doing business as: DREAM CUT, 12910 SHERMAN WAY, NORTH HOLLYWOOD, CA 91605. Full name of registrant(s) is (are) MS BEAUTY SALON INC, 12910 SHERMAN WAY, NORTH HOLLYWOOD, CA 91605.
The following person(s) is (are) doing business as the name(s) listed above. This business is conducted by: An Individual. The registrant(s) has (have) commenced to transact business under the fictitious business name or names listed above on N/A. NOTICE- This Fictitious Name Statement expires five years from the date it was filed in the office of the County Clerk. A new Fictitious Business Name Statement must be filed prior to that date. The filing of this statement does not of itself authorize the use in this state of a Fictitious Business Name in violation of the rights of another under Federal, State, or common law (See section 14411 et seq. Business and Professions Code). Publish: El Mountain Views News
Mar 23, 30, Apr 6, 13, 2019
FICTITIOUS BUSINESS NAME STATEMENT File No. 2019072477
The following person(s) is (are) doing business as: CHAMPIONS BARBER SHOP, 6636 LANKERSHIM BLVD, NORTH HOLLYWOOD, CA 91606. Full name of registrant(s) is (are) AKS BAGHUMIAN, 9534 SALOMA AVE, NORTH HILLS, CA 91343.
The following person(s) is (are) doing business as the name(s) listed above. This business is conducted by: An Individual. The registrant(s) has (have) commenced to transact business under the fictitious business name or names listed above on N/A. NOTICE- This Fictitious Name Statement expires five years from the date it was filed in the office of the County Clerk. A new Fictitious Business Name Statement must be filed prior to that date. The filing of this statement does not of itself authorize the use in this state of a Fictitious Business Name in violation of the rights of another under Federal, State, or common law (See section 14411 et seq. Business and Professions Code). Publish: El Mountain Views News
Mar 23, 30, Apr 6, 13, 2019
FICTITIOUS BUSINESS NAME STATEMENT File No. 2019072499
The following person(s) is (are) doing business as: CHAMPIONS BARBER SHOP, 6636 LANKERSHIM BLVD, NORTH HOLLYWOOD, CA 91606. Full name of registrant(s) is (are) AKS BAGHUMIAN, 9534 SALOMA AVE, NORTH HILLS, CA 91343.
The following person(s) is (are) doing business as the name(s) listed above. This business is conducted by: An Individual. The registrant(s) has (have) commenced to transact business under the fictitious business name or names listed above on N/A. NOTICE- This Fictitious Name Statement expires five years from the date it was filed in the office of the County Clerk. A new Fictitious Business Name Statement must be filed prior to that date. The filing of this statement does not of itself authorize the use in this state of a Fictitious Business Name in violation of the rights of another under Federal, State, or common law (See section 14411 et seq. Business and Professions Code). Publish: El Mountain Views News
Mar 23, 30, Apr 6, 13, 2019
FICTITIOUS BUSINESS NAME STATEMENT File No. 2019072790
The following person(s) is (are) doing business as: CLEAR PLUMBING, 8030 REMMET AV UNIT 2, CANOGA PARK, 91304. Full name of registrant(s) is (are) ERICK GONZALEZ, 8030 REMMET AV UNIT 2, CANOGA PARK, 91304.
The following person(s) is (are) doing business as the name(s) listed above. This business is conducted by: An Individual. The registrant(s) has (have) commenced to transact business under the fictitious business name or names listed above on N/A. NOTICE- This Fictitious Name Statement expires five years from the date it was filed in the office of the County Clerk. A new Fictitious Business Name Statement must be filed prior to that date. The filing of this statement does not of itself authorize the use in this state of a Fictitious Business Name in violation of the rights of another under Federal, State, or common law (See section 14411 et seq. Business and Professions Code). Publish: El Mountain Views News
Mar 23, 30, Apr 6, 13, 2019
FICTITIOUS BUSINESS NAME STATEMENT File No. 2019072794
The following person(s) is (are) doing business as: SEWER AND DRAIN SPECIALIST, 8030 REMMET AV UNIT 2, CANOGA PARK, 91304. Full name of registrant(s) is (are) ERICK GONZALEZ, 8030 REMMET AV UNIT 2, CANOGA PARK, 91304.
The following person(s) is (are) doing business as the name(s) listed above. This business is conducted by: An Individual. The registrant(s) has (have) commenced to transact business under the fictitious business name or names listed above on N/A. NOTICE- This Fictitious Name Statement expires five years from the date it was filed in the office of the County Clerk. A new Fictitious Business Name Statement must be filed prior to that date. The filing of this statement does not of itself authorize the use in this state of a Fictitious Business Name in violation of the rights of another under Federal, State, or common law (See section 14411 et seq. Business and Professions Code). Publish: El Mountain Views News
Mar 23, 30, Apr 6, 13, 2019
FICTITIOUS BUSINESS NAME STATEMENT File No. 2019072796
The following person(s) is (are) doing business as: PRECISION SEWER AND DRAIN, 8030 REMMET AV UNIT 2, CANOGA PARK, 91304. Full name of registrant(s) is (are) ERICK GONZALEZ, 8030 REMMET AV UNIT 2, CANOGA PARK, 91304.
The following person(s) is (are) doing business as the name(s) listed above. This business is conducted by: An Individual. The registrant(s) has (have) commenced to transact business under the fictitious business name or names listed above on N/A. NOTICE- This Fictitious Name Statement expires five years from the date it was filed in the office of the County Clerk. A new Fictitious Business Name Statement must be filed prior to that date. The filing of this statement does not of itself authorize the use in this state of a Fictitious Business Name in violation of the rights of another under Federal, State, or common law (See section 14411 et seq. Business and Professions Code). Publish: El Mountain Views News
Mar 23, 30, Apr 6, 13, 2019
FICTITIOUS BUSINESS NAME STATEMENT File No. 2019072860
The following person(s) is (are) doing business as: PLUMBING AND ROOTER EXPERTS, 8030 REMMET AV UNIT 2, CANOGA PARK, 91304. Full name of registrant(s) is (are) ERICK GONZALEZ, 8030 REMMET AV UNIT 2, CANOGA PARK, 91304.
The following person(s) is (are) doing business as the name(s) listed above. This business is conducted by: An Individual. The registrant(s) has (have) commenced to transact business under the fictitious business name or names listed above on N/A. NOTICE- This Fictitious Name Statement expires five years from the date it was filed in the office of the County Clerk. A new Fictitious Business Name Statement must be filed prior to that date. The filing of this statement does not of itself authorize the use in this state of a Fictitious Business Name in violation of the rights of another under Federal, State, or common law (See section 14411 et seq. Business and Professions Code). Publish: El Mountain Views News
Mar 23, 30, Apr 6, 13, 2019
FICTITIOUS BUSINESS NAME STATEMENT File No. 2019072870
The following person(s) is (are) doing business as: CLEAR DRAIN EXPERTS, 8030 REMMET AV UNIT 2, CANOGA PARK, 91304. Full name of registrant(s) is (are) ERICK GONZALEZ, 8030 REMMET AV UNIT 2, CANOGA PARK, 91304.
The following person(s) is (are) doing business as the name(s) listed above. This business is conducted by: An Individual. The registrant(s) has (have) commenced to transact business under the fictitious business name or names listed above on N/A. NOTICE- This Fictitious Name Statement expires five years from the date it was filed in the office of the County Clerk. A new Fictitious Business Name Statement must be filed prior to that date. The filing of this statement does not of itself authorize the use in this state of a Fictitious Business Name in violation of the rights of another under Federal, State, or common law (See section 14411 et seq. Business and Professions Code). Publish: El Mountain Views News
Mar 23, 30, Apr 6, 13, 2019
FICTITIOUS BUSINESS NAME STATEMENT File No. 2019072889
The following person(s) is (are) doing business as: ROOTER AND SEWER PROS, 8030 REMMET AV UNIT 2, CANOGA PARK, 91304. Full name of registrant(s) is (are) ERICK GONZALEZ, 8030 REMMET AV UNIT 2, CANOGA PARK, 91304.
The following person(s) is (are) doing business as the name(s) listed above. This business is conducted by: An Individual. The registrant(s) has (have) commenced to transact business under the fictitious business name or names listed above on N/A. NOTICE- This Fictitious Name Statement expires five years from the date it was filed in the office of the County Clerk. A new Fictitious Business Name Statement must be filed prior to that date. The filing of this statement does not of itself authorize the use in this state of a Fictitious Business Name in violation of the rights of another under Federal, State, or common law (See section 14411 et seq. Business and Professions Code). Publish: El Mountain Views News
Mar 23, 30, Apr 6, 13, 2019
FICTITIOUS BUSINESS NAME STATEMENT File No. 2019072895
The following person(s) is (are) doing business as: DRAIN MASTERS, 8030 REMMET AV UNIT 2, CANOGA PARK, 91304. Full name of registrant(s) is (are) ERICK GONZALEZ, 8030 REMMET AV UNIT 2, CANOGA PARK, 91304.
The following person(s) is (are) doing business as the name(s) listed above. This business is conducted by: An Individual. The registrant(s) has (have) commenced to transact business under the fictitious business name or names listed above on N/A. NOTICE- This Fictitious Name Statement expires five years from the date it was filed in the office of the County Clerk. A new Fictitious Business Name Statement must be filed prior to that date. The filing of this statement does not of itself authorize the use in this state of a Fictitious Business Name in violation of the rights of another under Federal, State, or common law (See section 14411 et seq. Business and Professions Code). Publish: El Mountain Views News
Mar 23, 30, Apr 6, 13, 2019
FICTITIOUS BUSINESS NAME STATEMENT File No. 2019072881
The following person(s) is (are) doing business as: SHYPR, 531 E SANTA ANITA AVE UNIT E, BURBANK, CA 91501. Full name of registrant(s) is (are) OBEID, REDA, 531 E SANTA ANITA AVE UNIT E, BURBANK, CA 91501.
The following person(s) is (are) doing business as the name(s) listed above. This business is conducted by: An Individual. The registrant(s) has (have) commenced to transact business under the fictitious business name or names listed above on N/A. NOTICE- This Fictitious Name Statement expires five years from the date it was filed in the office of the County Clerk. A new Fictitious Business Name Statement must be filed prior to that date. The filing of this statement does not of itself authorize the use in this state of a Fictitious Business Name in violation of the rights of another under Federal, State, or common law (See section 14411 et seq. Business and Professions Code). Publish: El Mountain Views News
Mar 23, 30, Apr 6, 13, 2019
FICTITIOUS BUSINESS NAME STATEMENT File No. 2019073004
The following person(s) is (are) doing business as: ESCOBAR SERVICES, 2945 5TH AVE, LOS ANGELES, CA 90018. Full name of registrant(s) is (are) DONALD IVAN ESCOBAR, 2945 5TH AVE, LOS ANGELES, CA 90018.
The following person(s) is (are) doing business as the name(s) listed above. This business is conducted by: An Individual. The registrant(s) has (have) commenced to transact business under the fictitious business name or names listed above on N/A. NOTICE- This Fictitious Name Statement expires five years from the date it was filed in the office of the County Clerk. A new Fictitious Business Name Statement must be filed prior to that date. The filing of this statement does not of itself authorize the use in this state of a Fictitious Business Name in violation of the rights of another under Federal, State, or common law (See section 14411 et seq. Business and Professions Code). Publish: El Mountain Views News
Mar 23, 30, Apr 6, 13, 2019
FICTITIOUS BUSINESS NAME STATEMENT File No. 2019073174
The following person(s) is (are) doing business as: ELEVATE LENDING, 162 SALEM ST, GLENDALE, CA 91203. Full name of registrant(s) is (are) GOLTAN ADAMYAN, 162 SALEM ST, GLENDALE, CA 91203.
The following person(s) is (are) doing business as the name(s) listed above. This business is conducted by: An Individual. The registrant(s) has (have) commenced to transact business under the fictitious business name or names listed above on N/A. NOTICE- This Fictitious Name Statement expires five years from the date it was filed in the office of the County Clerk. A new Fictitious Business Name Statement must be filed prior to that date. The filing of this statement does not of itself authorize the use in this state of a Fictitious Business Name in violation of the rights of another under Federal, State, or common law (See section 14411 et seq. Business and Professions Code). Publish: El Mountain Views News
Mar 23, 30, Apr 6, 13, 2019
FICTITIOUS BUSINESS NAME STATEMENT File No. 2019073359
The following person(s) is (are) doing business as: PRIMOS FRESH FOODS MARKET BROADWAY, 741 W 5TH ST UNIT 106, LOS ANGELES, CA 90013. Full name of registrant(s) is (are) ADVANCED FRESH FOOD CORPORATION, 741 W 5TH ST UNIT 106, LOS ANGELES, CA 90013.
The following person(s) is (are) doing business as the name(s) listed above. This business is conducted by: An Individual. The registrant(s) has (have) commenced to transact business under the fictitious business name or names listed above on N/A. NOTICE- This Fictitious Name Statement expires five years from the date it was filed in the office of the County Clerk. A new Fictitious Business Name Statement must be filed prior to that date. The filing of this statement does not of itself authorize the use in this state of a Fictitious Business Name in violation of the rights of another under Federal, State, or common law (See section 14411 et seq. Business and Professions Code). Publish: El Mountain Views News
Mar 23, 30, Apr 6, 13, 2019
Mountain Views News 80 W Sierra Madre Blvd. No. 327 Sierra Madre, Ca. 91024 Office: 626.355.2737 Fax: 626.609.3285 Email: editor@mtnviewsnews.com Website: www.mtnviewsnews.com
